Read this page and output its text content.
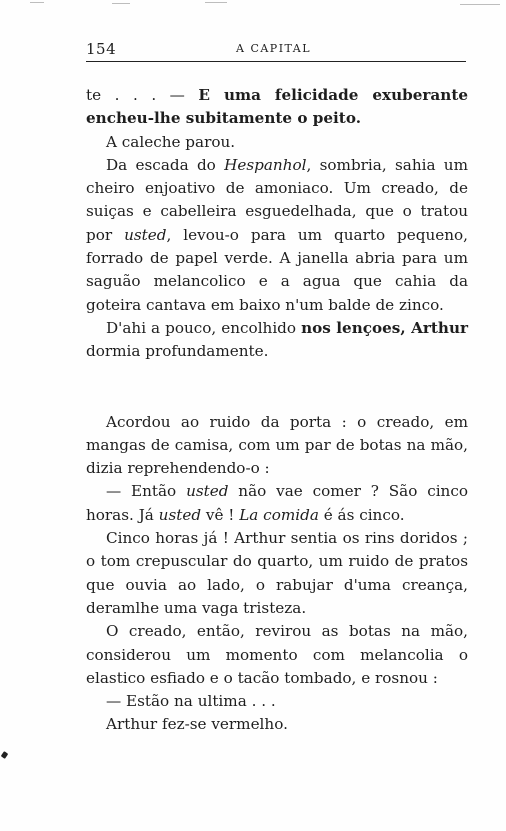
154	A CAPITAL

te . . . — E uma felicidade exuberante encheu-lhe subitamente o peito.

A caleche parou.

Da escada do Hespanhol, sombria, sahia um cheiro enjoativo de amoniaco. Um creado, de suiças e cabelleira esguedelhada, que o tratou por usted, levou-o para um quarto pequeno, forrado de papel verde. A janella abria para um saguão melancolico e a agua que cahia da goteira cantava em baixo n'um balde de zinco.

D'ahi a pouco, encolhido nos lençoes, Arthur dormia profundamente.

Acordou ao ruido da porta : o creado, em mangas de camisa, com um par de botas na mão, dizia reprehendendo-o :

— Então usted não vae comer ? São cinco horas. Já usted vê ! La comida é ás cinco.

Cinco horas já ! Arthur sentia os rins doridos ; o tom crepuscular do quarto, um ruido de pratos que ouvia ao lado, o rabujar d'uma creança, deramlhe uma vaga tristeza.

O creado, então, revirou as botas na mão, considerou um momento com melancolia o elastico esfiado e o tacão tombado, e rosnou :

— Estão na ultima . . .

Arthur fez-se vermelho.
